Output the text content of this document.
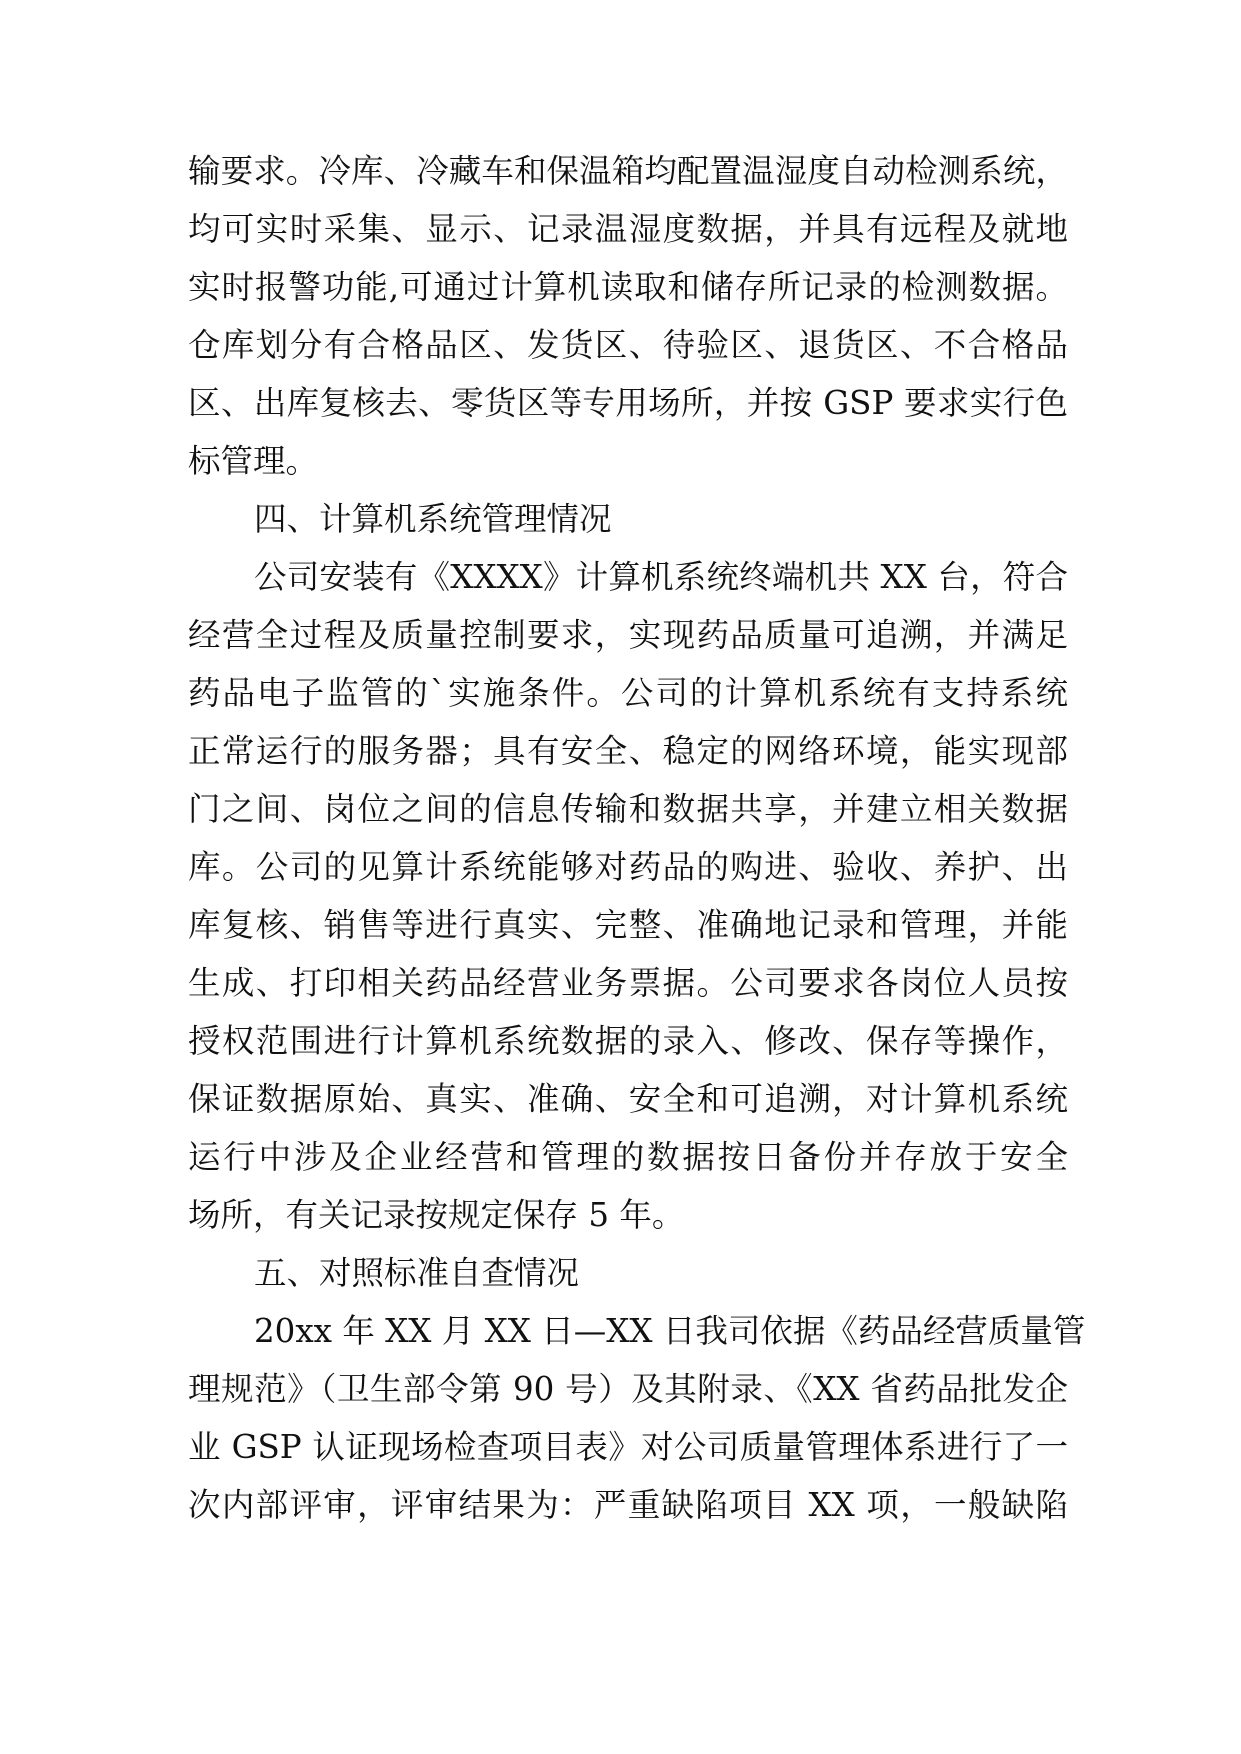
输要求。冷库、冷藏车和保温箱均配置温湿度自动检测系统，
均可实时采集、显示、记录温湿度数据，并具有远程及就地
实时报警功能,可通过计算机读取和储存所记录的检测数据。
仓库划分有合格品区、发货区、待验区、退货区、不合格品
区、出库复核去、零货区等专用场所，并按 GSP 要求实行色
标管理。
四、计算机系统管理情况
公司安装有《XXXX》计算机系统终端机共 XX 台，符合
经营全过程及质量控制要求，实现药品质量可追溯，并满足
药品电子监管的`实施条件。公司的计算机系统有支持系统
正常运行的服务器；具有安全、稳定的网络环境，能实现部
门之间、岗位之间的信息传输和数据共享，并建立相关数据
库。公司的见算计系统能够对药品的购进、验收、养护、出
库复核、销售等进行真实、完整、准确地记录和管理，并能
生成、打印相关药品经营业务票据。公司要求各岗位人员按
授权范围进行计算机系统数据的录入、修改、保存等操作，
保证数据原始、真实、准确、安全和可追溯，对计算机系统
运行中涉及企业经营和管理的数据按日备份并存放于安全
场所，有关记录按规定保存 5 年。
五、对照标准自查情况
20xx 年 XX 月 XX 日—XX 日我司依据《药品经营质量管
理规范》（卫生部令第 90 号）及其附录、《XX 省药品批发企
业 GSP 认证现场检查项目表》对公司质量管理体系进行了一
次内部评审，评审结果为：严重缺陷项目 XX 项，一般缺陷
